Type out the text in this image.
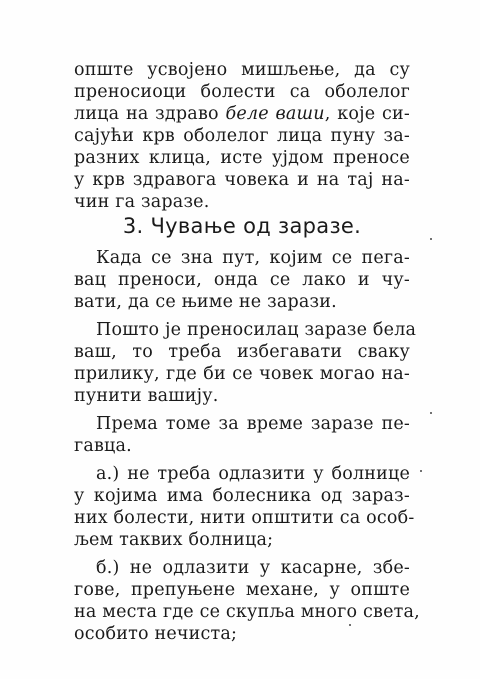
опште усвојено мишљење, да су
преносиоци болести са оболелог
лица на здраво беле ваши, које си-
сајући крв оболелог лица пуну за-
разних клица, исте ујдом преносе
у крв здравога човека и на тај на-
чин га заразе.
3. Чување од заразе.
Када се зна пут, којим се пега-
вац преноси, онда се лако и чу-
вати, да се њиме не зарази.
Пошто је преносилац заразе бела
ваш, то треба избегавати сваку
прилику, где би се човек могао на-
пунити вашију.
Према томе за време заразе пе-
гавца.
а.) не треба одлазити у болнице
у којима има болесника од зараз-
них болести, нити општити са особ-
љем таквих болница;
б.) не одлазити у касарне, збе-
гове, препуњене механе, у опште
на места где се скупља много света,
особито нечиста;
